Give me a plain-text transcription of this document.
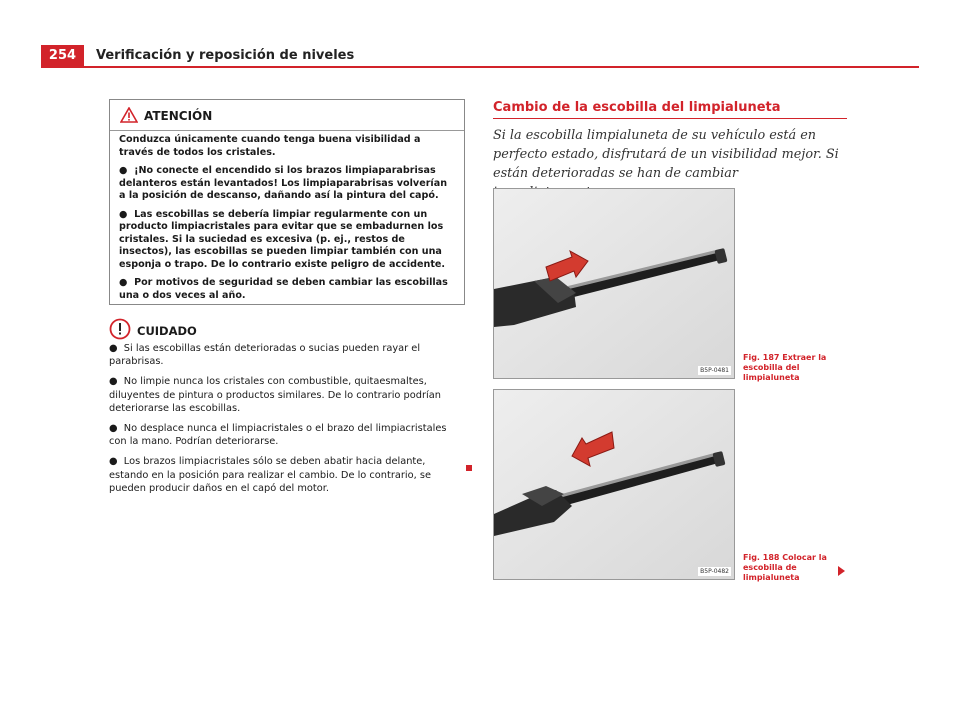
254	Verificación y reposición de niveles
ATENCIÓN

Conduzca únicamente cuando tenga buena visibilidad a través de todos los cristales.

● ¡No conecte el encendido si los brazos limpiaparabrisas delanteros están levantados! Los limpiaparabrisas volverían a la posición de descanso, dañando así la pintura del capó.

● Las escobillas se debería limpiar regularmente con un producto limpiacristales para evitar que se embadurnen los cristales. Si la suciedad es excesiva (p. ej., restos de insectos), las escobillas se pueden limpiar también con una esponja o trapo. De lo contrario existe peligro de accidente.

● Por motivos de seguridad se deben cambiar las escobillas una o dos veces al año.

CUIDADO

● Si las escobillas están deterioradas o sucias pueden rayar el parabrisas.

● No limpie nunca los cristales con combustible, quitaesmaltes, diluyentes de pintura o productos similares. De lo contrario podrían deteriorarse las escobillas.

● No desplace nunca el limpiacristales o el brazo del limpiacristales con la mano. Podrían deteriorarse.

● Los brazos limpiacristales sólo se deben abatir hacia delante, estando en la posición para realizar el cambio. De lo contrario, se pueden producir daños en el capó del motor.

Cambio de la escobilla del limpialuneta
Si la escobilla limpialuneta de su vehículo está en perfecto estado, disfrutará de un visibilidad mejor. Si están deterioradas se han de cambiar
B5P-0481
Fig. 187 Extraer la escobilla del limpialuneta
B5P-0482
Fig. 188 Colocar la escobilla de limpialuneta
